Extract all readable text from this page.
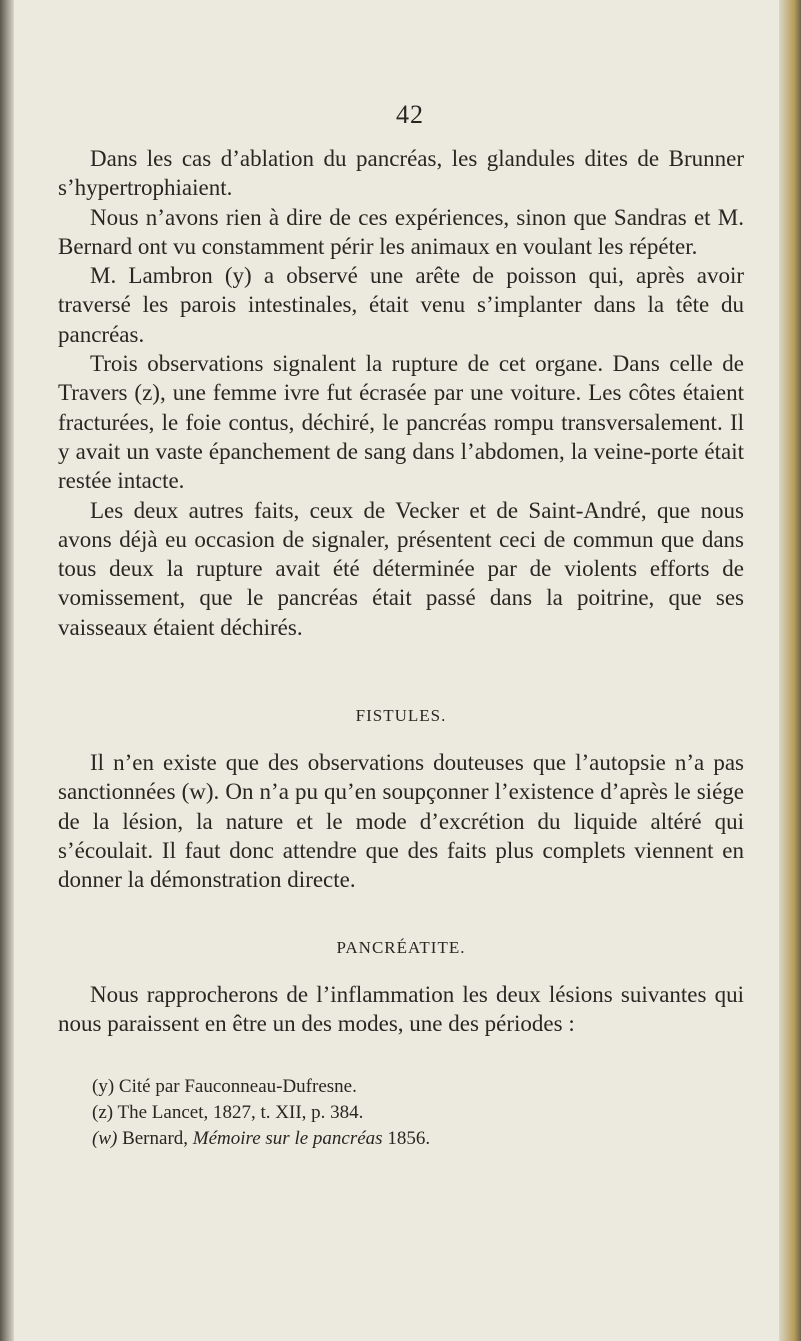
42

Dans les cas d’ablation du pancréas, les glandules dites de Brunner s’hypertrophiaient.

Nous n’avons rien à dire de ces expériences, sinon que Sandras et M. Bernard ont vu constamment périr les animaux en voulant les répéter.

M. Lambron (y) a observé une arête de poisson qui, après avoir traversé les parois intestinales, était venu s’implanter dans la tête du pancréas.

Trois observations signalent la rupture de cet organe. Dans celle de Travers (z), une femme ivre fut écrasée par une voiture. Les côtes étaient fracturées, le foie contus, déchiré, le pancréas rompu transversalement. Il y avait un vaste épanchement de sang dans l’abdomen, la veine-porte était restée intacte.

Les deux autres faits, ceux de Vecker et de Saint-André, que nous avons déjà eu occasion de signaler, présentent ceci de commun que dans tous deux la rupture avait été déterminée par de violents efforts de vomissement, que le pancréas était passé dans la poitrine, que ses vaisseaux étaient déchirés.

FISTULES.

Il n’en existe que des observations douteuses que l’autopsie n’a pas sanctionnées (w). On n’a pu qu’en soupçonner l’existence d’après le siége de la lésion, la nature et le mode d’excrétion du liquide altéré qui s’écoulait. Il faut donc attendre que des faits plus complets viennent en donner la démonstration directe.

PANCRÉATITE.

Nous rapprocherons de l’inflammation les deux lésions suivantes qui nous paraissent en être un des modes, une des périodes :

(y) Cité par Fauconneau-Dufresne.

(z) The Lancet, 1827, t. XII, p. 384.

(w) Bernard, Mémoire sur le pancréas 1856.
